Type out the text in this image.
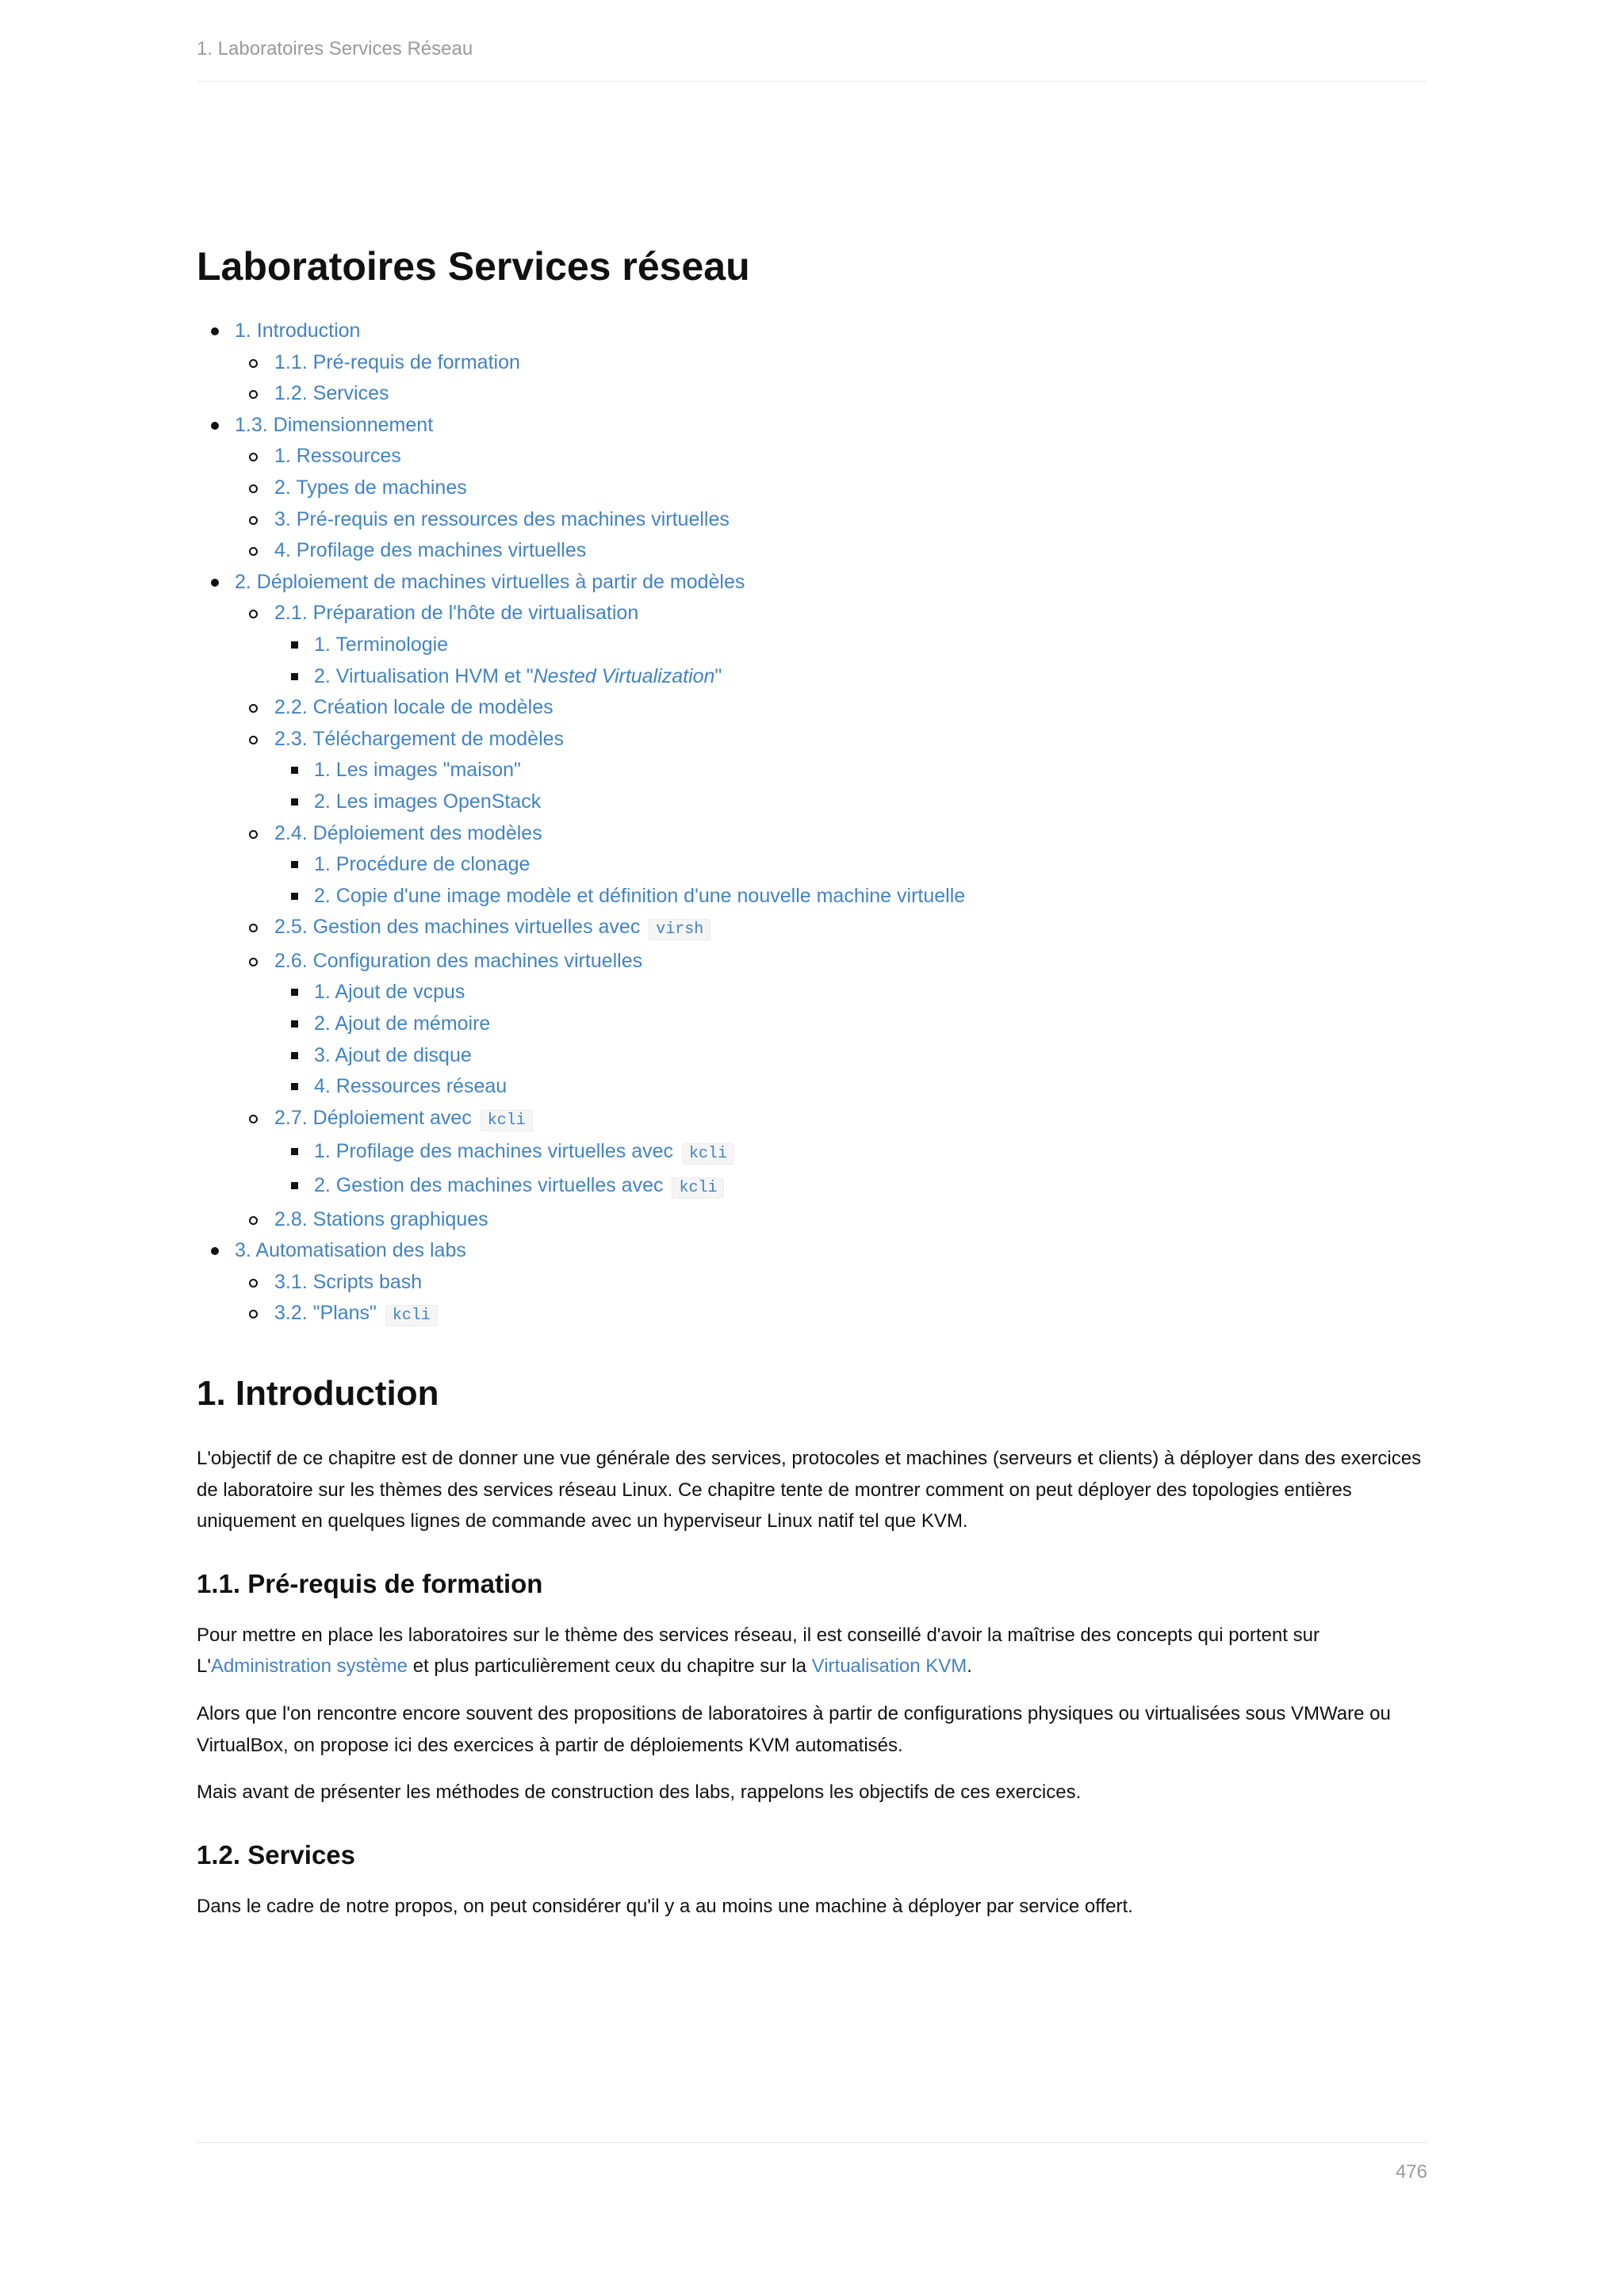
1. Laboratoires Services Réseau
Laboratoires Services réseau
1. Introduction
1.1. Pré-requis de formation
1.2. Services
1.3. Dimensionnement
1. Ressources
2. Types de machines
3. Pré-requis en ressources des machines virtuelles
4. Profilage des machines virtuelles
2. Déploiement de machines virtuelles à partir de modèles
2.1. Préparation de l'hôte de virtualisation
1. Terminologie
2. Virtualisation HVM et "Nested Virtualization"
2.2. Création locale de modèles
2.3. Téléchargement de modèles
1. Les images "maison"
2. Les images OpenStack
2.4. Déploiement des modèles
1. Procédure de clonage
2. Copie d'une image modèle et définition d'une nouvelle machine virtuelle
2.5. Gestion des machines virtuelles avec virsh
2.6. Configuration des machines virtuelles
1. Ajout de vcpus
2. Ajout de mémoire
3. Ajout de disque
4. Ressources réseau
2.7. Déploiement avec kcli
1. Profilage des machines virtuelles avec kcli
2. Gestion des machines virtuelles avec kcli
2.8. Stations graphiques
3. Automatisation des labs
3.1. Scripts bash
3.2. "Plans" kcli
1. Introduction

L'objectif de ce chapitre est de donner une vue générale des services, protocoles et machines (serveurs et clients) à déployer dans des exercices de laboratoire sur les thèmes des services réseau Linux. Ce chapitre tente de montrer comment on peut déployer des topologies entières uniquement en quelques lignes de commande avec un hyperviseur Linux natif tel que KVM.

1.1. Pré-requis de formation

Pour mettre en place les laboratoires sur le thème des services réseau, il est conseillé d'avoir la maîtrise des concepts qui portent sur L'Administration système et plus particulièrement ceux du chapitre sur la Virtualisation KVM.

Alors que l'on rencontre encore souvent des propositions de laboratoires à partir de configurations physiques ou virtualisées sous VMWare ou VirtualBox, on propose ici des exercices à partir de déploiements KVM automatisés.

Mais avant de présenter les méthodes de construction des labs, rappelons les objectifs de ces exercices.

1.2. Services

Dans le cadre de notre propos, on peut considérer qu'il y a au moins une machine à déployer par service offert.

476
